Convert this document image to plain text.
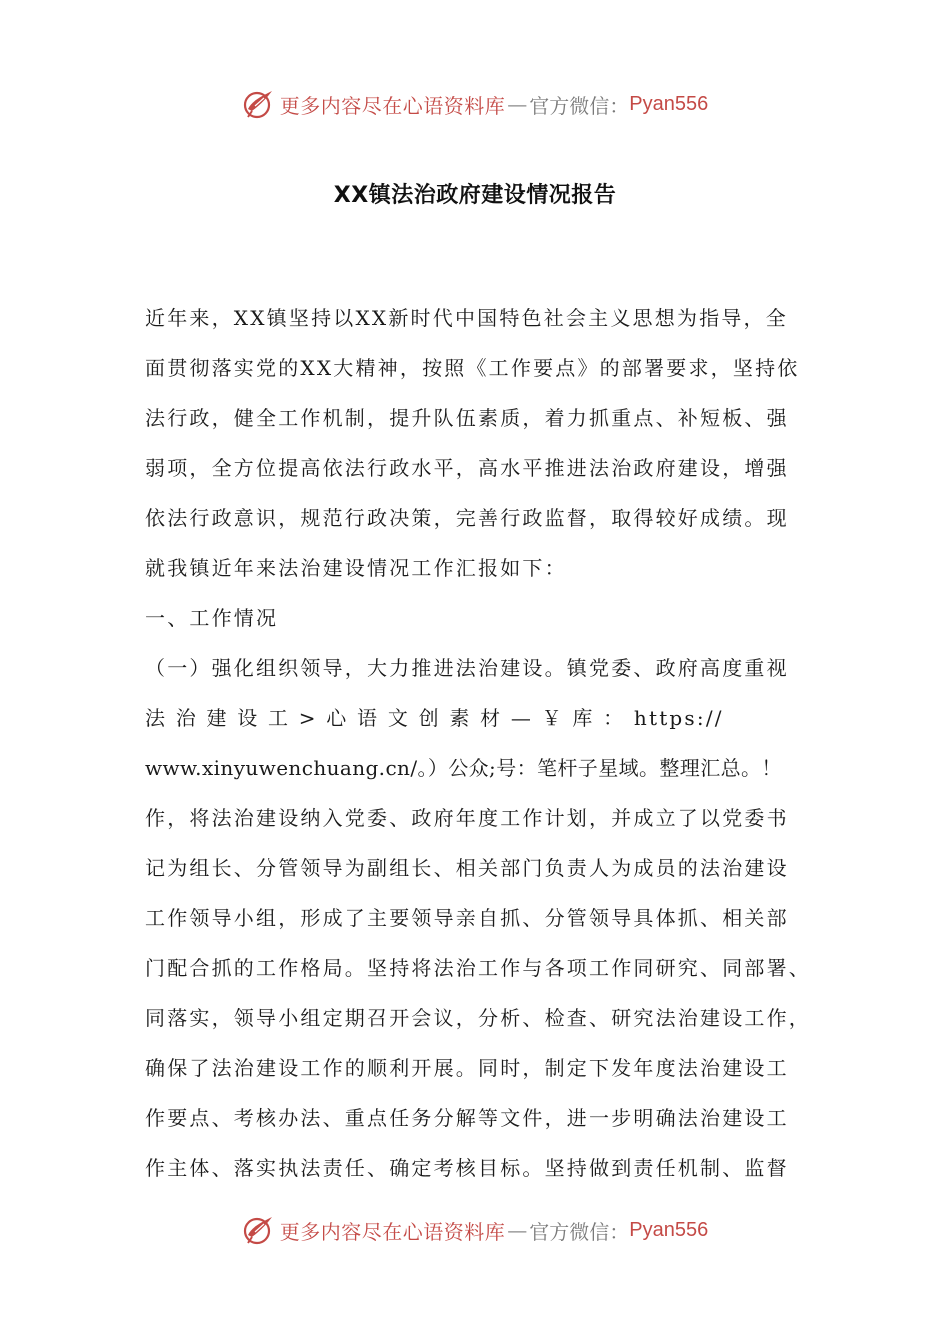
更多内容尽在心语资料库 — 官方微信： Pyan556
XX镇法治政府建设情况报告
近年来，XX镇坚持以XX新时代中国特色社会主义思想为指导，全
面贯彻落实党的XX大精神，按照《工作要点》的部署要求，坚持依
法行政，健全工作机制，提升队伍素质，着力抓重点、补短板、强
弱项，全方位提高依法行政水平，高水平推进法治政府建设，增强
依法行政意识，规范行政决策，完善行政监督，取得较好成绩。现
就我镇近年来法治建设情况工作汇报如下：
一、工作情况
（一）强化组织领导，大力推进法治建设。镇党委、政府高度重视
法 治 建 设 工 > 心 语 文 创 素 材 — ￥ 库 ： https://
www.xinyuwenchuang.cn/。）公众;号：笔杆子星域。整理汇总。！
作，将法治建设纳入党委、政府年度工作计划，并成立了以党委书
记为组长、分管领导为副组长、相关部门负责人为成员的法治建设
工作领导小组，形成了主要领导亲自抓、分管领导具体抓、相关部
门配合抓的工作格局。坚持将法治工作与各项工作同研究、同部署、
同落实，领导小组定期召开会议，分析、检查、研究法治建设工作，
确保了法治建设工作的顺利开展。同时，制定下发年度法治建设工
作要点、考核办法、重点任务分解等文件，进一步明确法治建设工
作主体、落实执法责任、确定考核目标。坚持做到责任机制、监督
更多内容尽在心语资料库 — 官方微信： Pyan556
